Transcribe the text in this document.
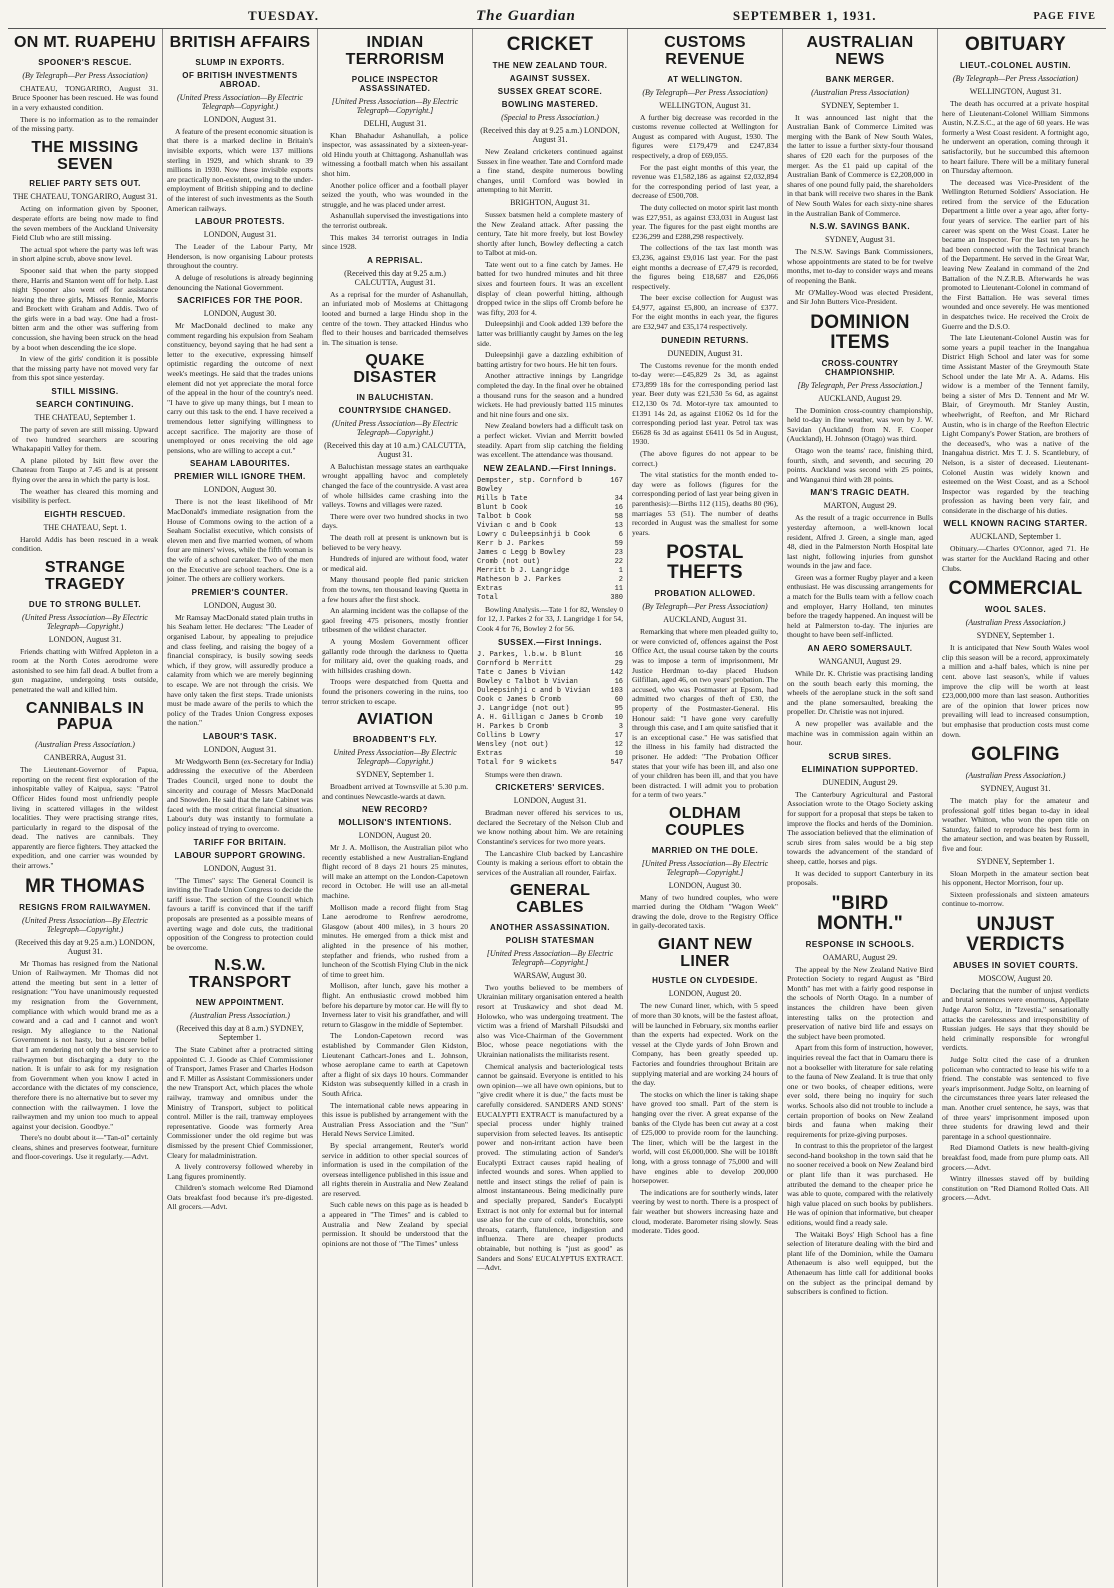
TUESDAY.	The Guardian	SEPTEMBER 1, 1931.	PAGE FIVE
ON MT. RUAPEHU
SPOONER'S RESCUE.
(By Telegraph—Per Press Association)

CHATEAU, TONGARIRO, August 31. Bruce Spooner has been rescued. He was found in a very exhausted condition.

There is no information as to the remainder of the missing party.

THE MISSING SEVEN
RELIEF PARTY SETS OUT.
THE CHATEAU, TONGARIRO, August 31.

Acting on information given by Spooner, desperate efforts are being now made to find the seven members of the Auckland University Field Club who are still missing.

The actual spot where the party was left was in short alpine scrub, above snow level.

Spooner said that when the party stopped there, Harris and Stanton went off for help. Last night Spooner also went off for assistance leaving the three girls, Misses Rennie, Morris and Brockett with Graham and Addis. Two of the girls were in a bad way. One had a frost-bitten arm and the other was suffering from concussion, she having been struck on the head by a boot when descending the ice slope.

In view of the girls' condition it is possible that the missing party have not moved very far from this spot since yesterday.

STILL MISSING.
SEARCH CONTINUING.
THE CHATEAU, September 1.

The party of seven are still missing. Upward of two hundred searchers are scouring Whakapapiti Valley for them.

A plane piloted by Isitt flew over the Chateau from Taupo at 7.45 and is at present flying over the area in which the party is lost.

The weather has cleared this morning and visibility is perfect.

EIGHTH RESCUED.
THE CHATEAU, Sept. 1.

Harold Addis has been rescued in a weak condition.

STRANGE TRAGEDY
DUE TO STRONG BULLET.
(United Press Association—By Electric Telegraph—Copyright.)
LONDON, August 31.

Friends chatting with Wilfred Appleton in a room at the North Cotes aerodrome were astonished to see him fall dead. A bullet from a gun magazine, undergoing tests outside, penetrated the wall and killed him.

CANNIBALS IN PAPUA
(Australian Press Association.)
CANBERRA, August 31.

The Lieutenant-Governor of Papua, reporting on the recent first exploration of the inhospitable valley of Kaipua, says: "Patrol Officer Hides found most unfriendly people living in scattered villages in the wildest localities. They were practising strange rites, particularly in regard to the disposal of the dead. The natives are cannibals. They apparently are fierce fighters. They attacked the expedition, and one carrier was wounded by their arrows."

MR THOMAS
RESIGNS FROM RAILWAYMEN.
(United Press Association—By Electric Telegraph—Copyright.)
(Received this day at 9.25 a.m.) LONDON, August 31.

Mr Thomas has resigned from the National Union of Railwaymen. Mr Thomas did not attend the meeting but sent in a letter of resignation: "You have unanimously requested my resignation from the Government, compliance with which would brand me as a coward and a cad and I cannot and won't resign. My allegiance to the National Government is not hasty, but a sincere belief that I am rendering not only the best service to railwaymen but discharging a duty to the nation. It is unfair to ask for my resignation from Government when you know I acted in accordance with the dictates of my conscience, therefore there is no alternative but to sever my connection with the railwaymen. I love the railwaymen and my union too much to appeal against your decision. Goodbye."

There's no doubt about it—"Tan-ol" certainly cleans, shines and preserves footwear, furniture and floor-coverings. Use it regularly.—Advt.

BRITISH AFFAIRS
SLUMP IN EXPORTS.
OF BRITISH INVESTMENTS ABROAD.
(United Press Association—By Electric Telegraph—Copyright.)
LONDON, August 31.

A feature of the present economic situation is that there is a marked decline in Britain's invisible exports, which were 137 millions sterling in 1929, and which shrank to 39 millions in 1930. Now these invisible exports are practically non-existent, owing to the under-employment of British shipping and to decline of the interest of such investments as the South American railways.

LABOUR PROTESTS.
LONDON, August 31.

The Leader of the Labour Party, Mr Henderson, is now organising Labour protests throughout the country.

A deluge of resolutions is already beginning denouncing the National Government.

SACRIFICES FOR THE POOR.
LONDON, August 30.

Mr MacDonald declined to make any comment regarding his expulsion from Seaham constituency, beyond saying that he had sent a letter to the executive, expressing himself optimistic regarding the outcome of next week's meetings. He said that the trades unions element did not yet appreciate the moral force of the appeal in the hour of the country's need. "I have to give up many things, but I mean to carry out this task to the end. I have received a tremendous letter signifying willingness to accept sacrifice. The majority are those of unemployed or ones receiving the old age pensions, who are willing to accept a cut."

SEAHAM LABOURITES.
PREMIER WILL IGNORE THEM.
LONDON, August 30.

There is not the least likelihood of Mr MacDonald's immediate resignation from the House of Commons owing to the action of a Seaham Socialist executive, which consists of eleven men and five married women, of whom four are miners' wives, while the fifth woman is the wife of a school caretaker. Two of the men on the Executive are school teachers. One is a joiner. The others are colliery workers.

PREMIER'S COUNTER.
LONDON, August 30.

Mr Ramsay MacDonald stated plain truths in his Seaham letter. He declares: "The Leader of organised Labour, by appealing to prejudice and class feeling, and raising the bogey of a financial conspiracy, is busily sowing seeds which, if they grow, will assuredly produce a calamity from which we are merely beginning to escape. We are not through the crisis. We have only taken the first steps. Trade unionists must be made aware of the perils to which the policy of the Trades Union Congress exposes the nation."

LABOUR'S TASK.
LONDON, August 31.

Mr Wedgworth Benn (ex-Secretary for India) addressing the executive of the Aberdeen Trades Council, urged none to doubt the sincerity and courage of Messrs MacDonald and Snowden. He said that the late Cabinet was faced with the most critical financial situation. Labour's duty was instantly to formulate a policy instead of trying to overcome.

TARIFF FOR BRITAIN.
LABOUR SUPPORT GROWING.
LONDON, August 31.

"The Times" says: The General Council is inviting the Trade Union Congress to decide the tariff issue. The section of the Council which favours a tariff is convinced that if the tariff proposals are presented as a possible means of averting wage and dole cuts, the traditional opposition of the Congress to protection could be overcome.

N.S.W. TRANSPORT
NEW APPOINTMENT.
(Australian Press Association.)
(Received this day at 8 a.m.) SYDNEY, September 1.

The State Cabinet after a protracted sitting appointed C. J. Goode as Chief Commissioner of Transport, James Fraser and Charles Hodson and F. Miller as Assistant Commissioners under the new Transport Act, which places the whole railway, tramway and omnibus under the Ministry of Transport, subject to political control. Miller is the rail, tramway employees representative. Goode was formerly Area Commissioner under the old regime but was dismissed by the present Chief Commissioner, Cleary for maladministration.

A lively controversy followed whereby in Lang figures prominently.

Children's stomach welcome Red Diamond Oats breakfast food because it's pre-digested. All grocers.—Advt.

INDIAN TERRORISM
POLICE INSPECTOR ASSASSINATED.
[United Press Association—By Electric Telegraph—Copyright.]
DELHI, August 31.

Khan Bhahadur Ashanullah, a police inspector, was assassinated by a sixteen-year-old Hindu youth at Chittagong. Ashanullah was witnessing a football match when his assailant shot him.

Another police officer and a football player seized the youth, who was wounded in the struggle, and he was placed under arrest.

Ashanullah supervised the investigations into the terrorist outbreak.

This makes 34 terrorist outrages in India since 1928.

A REPRISAL.
(Received this day at 9.25 a.m.) CALCUTTA, August 31.

As a reprisal for the murder of Ashanullah, an infuriated mob of Moslems at Chittagong looted and burned a large Hindu shop in the centre of the town. They attacked Hindus who fled to their houses and barricaded themselves in. The situation is tense.

QUAKE DISASTER
IN BALUCHISTAN.
COUNTRYSIDE CHANGED.
(United Press Association—By Electric Telegraph—Copyright.)
(Received this day at 10 a.m.) CALCUTTA, August 31.

A Baluchistan message states an earthquake wrought appalling havoc and completely changed the face of the countryside. A vast area of whole hillsides came crashing into the valleys. Towns and villages were razed.

There were over two hundred shocks in two days.

The death roll at present is unknown but is believed to be very heavy.

Hundreds of injured are without food, water or medical aid.

Many thousand people fled panic stricken from the towns, ten thousand leaving Quetta in a few hours after the first shock.

An alarming incident was the collapse of the gaol freeing 475 prisoners, mostly frontier tribesmen of the wildest character.

A young Moslem Government officer gallantly rode through the darkness to Quetta for military aid, over the quaking roads, and with hillsides crashing down.

Troops were despatched from Quetta and found the prisoners cowering in the ruins, too terror stricken to escape.

AVIATION
BROADBENT'S FLY.
United Press Association—By Electric Telegraph—Copyright.)
SYDNEY, September 1.

Broadbent arrived at Townsville at 5.30 p.m. and continues Newcastle-wards at dawn.

NEW RECORD?
MOLLISON'S INTENTIONS.
LONDON, August 20.

Mr J. A. Mollison, the Australian pilot who recently established a new Australian-England flight record of 8 days 21 hours 25 minutes, will make an attempt on the London-Capetown record in October. He will use an all-metal machine.

Mollison made a record flight from Stag Lane aerodrome to Renfrew aerodrome, Glasgow (about 400 miles), in 3 hours 20 minutes. He emerged from a thick mist and alighted in the presence of his mother, stepfather and friends, who rushed from a luncheon of the Scottish Flying Club in the nick of time to greet him.

Mollison, after lunch, gave his mother a flight. An enthusiastic crowd mobbed him before his departure by motor car. He will fly to Inverness later to visit his grandfather, and will return to Glasgow in the middle of September.

The London-Capetown record was established by Commander Glen Kidston, Lieutenant Cathcart-Jones and L. Johnson, whose aeroplane came to earth at Capetown after a flight of six days 10 hours. Commander Kidston was subsequently killed in a crash in South Africa.

The international cable news appearing in this issue is published by arrangement with the Australian Press Association and the "Sun" Herald News Service Limited.

By special arrangement, Reuter's world service in addition to other special sources of information is used in the compilation of the overseas intelligence published in this issue and all rights therein in Australia and New Zealand are reserved.

Such cable news on this page as is headed b a appeared in "The Times" and is cabled to Australia and New Zealand by special permission. It should be understood that the opinions are not those of "The Times" unless

CRICKET
THE NEW ZEALAND TOUR.
AGAINST SUSSEX.
SUSSEX GREAT SCORE.
BOWLING MASTERED.
(Special to Press Association.)
(Received this day at 9.25 a.m.) LONDON, August 31.

New Zealand cricketers continued against Sussex in fine weather. Tate and Cornford made a fine stand, despite numerous bowling changes, until Cornford was bowled in attempting to hit Merritt.

BRIGHTON, August 31.

Sussex batsmen held a complete mastery of the New Zealand attack. After passing the century, Tate hit more freely, but lost Bowley shortly after lunch, Bowley deflecting a catch to Talbot at mid-on.

Tate went out to a fine catch by James. He batted for two hundred minutes and hit three sixes and fourteen fours. It was an excellent display of clean powerful hitting, although dropped twice in the slips off Cromb before he was fifty, 203 for 4.

Duleepsinhji and Cook added 139 before the latter was brilliantly caught by James on the leg side.

Duleepsinhji gave a dazzling exhibition of batting artistry for two hours. He hit ten fours.

Another attractive innings by Langridge completed the day. In the final over he obtained a thousand runs for the season and a hundred wickets. He had previously batted 115 minutes and hit nine fours and one six.

New Zealand bowlers had a difficult task on a perfect wicket. Vivian and Merritt bowled steadily. Apart from slip catching the fielding was excellent. The attendance was thousand.

NEW ZEALAND.—First Innings.
Dempster, stp. Cornford b Bowley
167
Mills b Tate	34
Blunt b Cook	16
Talbot b Cook	58
Vivian c and b Cook	13
Lowry c Duleepsinhji b Cook	6
Kerr b J. Parkes	59
James c Legg b Bowley	23
Cromb (not out)	22
Merritt b J. Langridge	1
Matheson b J. Parkes	2
Extras	11
Total	380

Bowling Analysis.—Tate 1 for 82, Wensley 0 for 12, J. Parkes 2 for 33, J. Langridge 1 for 54, Cook 4 for 76, Bowley 2 for 56.

SUSSEX.—First Innings.
J. Parkes, l.b.w. b Blunt	16
Cornford b Merritt	29
Tate c James b Vivian	142
Bowley c Talbot b Vivian	16
Duleepsinhji c and b Vivian	103
Cook c James b Cromb	60
J. Langridge (not out)	95
A. H. Gilligan c James b Cromb 10
H. Parkes b Cromb	3
Collins b Lowry	17
Wensley (not out)	12
Extras	10
Total for 9 wickets	547

Stumps were then drawn.

CRICKETERS' SERVICES.
LONDON, August 31.

Bradman never offered his services to us, declared the Secretary of the Nelson Club and we know nothing about him. We are retaining Constantine's services for two more years.

The Lancashire Club backed by Lancashire County is making a serious effort to obtain the services of the Australian all rounder, Fairfax.

GENERAL CABLES
ANOTHER ASSASSINATION.
POLISH STATESMAN
[United Press Association—By Electric Telegraph—Copyright.]
WARSAW, August 30.

Two youths believed to be members of Ukrainian military organisation entered a health resort at Truskawicy and shot dead M. Holowko, who was undergoing treatment. The victim was a friend of Marshall Pilsudski and also was Vice-Chairman of the Government Bloc, whose peace negotiations with the Ukrainian nationalists the militarists resent.

Chemical analysis and bacteriological tests cannot be gainsaid. Everyone is entitled to his own opinion—we all have own opinions, but to "give credit where it is due," the facts must be carefully considered. SANDERS AND SONS' EUCALYPTI EXTRACT is manufactured by a special process under highly trained supervision from selected leaves. Its antiseptic power and non-irritant action have been proved. The stimulating action of Sander's Eucalypti Extract causes rapid healing of infected wounds and sores. When applied to nettle and insect stings the relief of pain is almost instantaneous. Being medicinally pure and specially prepared, Sander's Eucalypti Extract is not only for external but for internal use also for the cure of colds, bronchitis, sore throats, catarrh, flatulence, indigestion and influenza. There are cheaper products obtainable, but nothing is "just as good" as Sanders and Sons' EUCALYPTUS EXTRACT.—Advt.

CUSTOMS REVENUE
AT WELLINGTON.
(By Telegraph—Per Press Association)
WELLINGTON, August 31.

A further big decrease was recorded in the customs revenue collected at Wellington for August as compared with August, 1930. The figures were £179,479 and £247,834 respectively, a drop of £69,055.

For the past eight months of this year, the revenue was £1,582,186 as against £2,032,894 for the corresponding period of last year, a decrease of £500,708.

The duty collected on motor spirit last month was £27,951, as against £33,031 in August last year. The figures for the past eight months are £236,299 and £288,298 respectively.

The collections of the tax last month was £3,236, against £9,016 last year. For the past eight months a decrease of £7,479 is recorded, the figures being £18,687 and £26,066 respectively.

The beer excise collection for August was £4,977, against £5,800, an increase of £377. For the eight months in each year, the figures are £32,947 and £35,174 respectively.

DUNEDIN RETURNS.
DUNEDIN, August 31.

The Customs revenue for the month ended to-day were:—£45,829 2s 3d, as against £73,899 18s for the corresponding period last year. Beer duty was £21,530 5s 6d, as against £12,130 0s 7d. Motor-tyre tax amounted to £1391 14s 2d, as against £1062 0s 1d for the corresponding period last year. Petrol tax was £6628 6s 3d as against £6411 0s 5d in August, 1930.

(The above figures do not appear to be correct.)

The vital statistics for the month ended to-day were as follows (figures for the corresponding period of last year being given in parenthesis):—Births 112 (115), deaths 80 (96), marriages 53 (51). The number of deaths recorded in August was the smallest for some years.

POSTAL THEFTS
PROBATION ALLOWED.
(By Telegraph—Per Press Association)
AUCKLAND, August 31.

Remarking that where men pleaded guilty to, or were convicted of, offences against the Post Office Act, the usual course taken by the courts was to impose a term of imprisonment, Mr Justice Herdman to-day placed Hudson Gilfillan, aged 46, on two years' probation. The accused, who was Postmaster at Epsom, had admitted two charges of theft of £30, the property of the Postmaster-General. His Honour said: "I have gone very carefully through this case, and I am quite satisfied that it is an exceptional case." He was satisfied that the illness in his family had distracted the prisoner. He added: "The Probation Officer states that your wife has been ill, and also one of your children has been ill, and that you have been distracted. I will admit you to probation for a term of two years."

OLDHAM COUPLES
MARRIED ON THE DOLE.
[United Press Association—By Electric Telegraph—Copyright.]
LONDON, August 30.

Many of two hundred couples, who were married during the Oldham "Wagon Week" drawing the dole, drove to the Registry Office in gaily-decorated taxis.

GIANT NEW LINER
HUSTLE ON CLYDESIDE.
LONDON, August 20.

The new Cunard liner, which, with 5 speed of more than 30 knots, will be the fastest afloat, will be launched in February, six months earlier than the experts had expected. Work on the vessel at the Clyde yards of John Brown and Company, has been greatly speeded up. Factories and foundries throughout Britain are supplying material and are working 24 hours of the day.

The stocks on which the liner is taking shape have groved too small. Part of the stern is hanging over the river. A great expanse of the banks of the Clyde has been cut away at a cost of £25,000 to provide room for the launching. The liner, which will be the largest in the world, will cost £6,000,000. She will be 1018ft long, with a gross tonnage of 75,000 and will have engines able to develop 200,000 horsepower.

The indications are for southerly winds, later veering by west to north. There is a prospect of fair weather but showers increasing haze and cloud, moderate. Barometer rising slowly. Seas moderate. Tides good.

AUSTRALIAN NEWS
BANK MERGER.
(Australian Press Association)
SYDNEY, September 1.

It was announced last night that the Australian Bank of Commerce Limited was merging with the Bank of New South Wales, the latter to issue a further sixty-four thousand shares of £20 each for the purposes of the merger. As the £1 paid up capital of the Australian Bank of Commerce is £2,208,000 in shares of one pound fully paid, the shareholders in that bank will receive two shares in the Bank of New South Wales for each sixty-nine shares in the Australian Bank of Commerce.

N.S.W. SAVINGS BANK.
SYDNEY, August 31.

The N.S.W. Savings Bank Commissioners, whose appointments are stated to be for twelve months, met to-day to consider ways and means of reopening the Bank.

Mr O'Malley-Wood was elected President, and Sir John Butters Vice-President.

DOMINION ITEMS
CROSS-COUNTRY CHAMPIONSHIP.
[By Telegraph, Per Press Association.]
AUCKLAND, August 29.

The Dominion cross-country championship, held to-day in fine weather, was won by J. W. Savidan (Auckland) from N. F. Cooper (Auckland), H. Johnson (Otago) was third.

Otago won the teams' race, finishing third, fourth, sixth, and seventh, and securing 20 points. Auckland was second with 25 points, and Wanganui third with 28 points.

MAN'S TRAGIC DEATH.
MARTON, August 29.

As the result of a tragic occurrence in Bulls yesterday afternoon, a well-known local resident, Alfred J. Green, a single man, aged 48, died in the Palmerston North Hospital late last night, following injuries from gunshot wounds in the jaw and face.

Green was a former Rugby player and a keen enthusiast. He was discussing arrangements for a match for the Bulls team with a fellow coach and employer, Harry Holland, ten minutes before the tragedy happened. An inquest will be held at Palmerston to-day. The injuries are thought to have been self-inflicted.

AN AERO SOMERSAULT.
WANGANUI, August 29.

While Dr. K. Christie was practising landing on the south beach early this morning, the wheels of the aeroplane stuck in the soft sand and the plane somersaulted, breaking the propeller. Dr. Christie was not injured.

A new propeller was available and the machine was in commission again within an hour.

SCRUB SIRES.
ELIMINATION SUPPORTED.
DUNEDIN, August 29.

The Canterbury Agricultural and Pastoral Association wrote to the Otago Society asking for support for a proposal that steps be taken to improve the flocks and herds of the Dominion. The association believed that the elimination of scrub sires from sales would be a big step towards the advancement of the standard of sheep, cattle, horses and pigs.

It was decided to support Canterbury in its proposals.

"BIRD MONTH."
RESPONSE IN SCHOOLS.
OAMARU, August 29.

The appeal by the New Zealand Native Bird Protection Society to regard August as "Bird Month" has met with a fairly good response in the schools of North Otago. In a number of instances the children have been given interesting talks on the protection and preservation of native bird life and essays on the subject have been promoted.

Apart from this form of instruction, however, inquiries reveal the fact that in Oamaru there is not a bookseller with literature for sale relating to the fauna of New Zealand. It is true that only one or two books, of cheaper editions, were ever sold, there being no inquiry for such works. Schools also did not trouble to include a certain proportion of books on New Zealand birds and fauna when making their requirements for prize-giving purposes.

In contrast to this the proprietor of the largest second-hand bookshop in the town said that he no sooner received a book on New Zealand bird or plant life than it was purchased. He attributed the demand to the cheaper price he was able to quote, compared with the relatively high value placed on such books by publishers. He was of opinion that informative, but cheaper editions, would find a ready sale.

The Waitaki Boys' High School has a fine selection of literature dealing with the bird and plant life of the Dominion, while the Oamaru Athenaeum is also well equipped, but the Athenaeum has little call for additional books on the subject as the principal demand by subscribers is confined to fiction.

OBITUARY
LIEUT.-COLONEL AUSTIN.
(By Telegraph—Per Press Association)
WELLINGTON, August 31.

The death has occurred at a private hospital here of Lieutenant-Colonel William Simmons Austin, N.Z.S.C., at the age of 60 years. He was formerly a West Coast resident. A fortnight ago, he underwent an operation, coming through it satisfactorily, but he succumbed this afternoon to heart failure. There will be a military funeral on Thursday afternoon.

The deceased was Vice-President of the Wellington Returned Soldiers' Association. He retired from the service of the Education Department a little over a year ago, after forty-four years of service. The earlier part of his career was spent on the West Coast. Later he became an Inspector. For the last ten years he had been connected with the Technical branch of the Department. He served in the Great War, leaving New Zealand in command of the 2nd Battalion of the N.Z.R.B. Afterwards he was promoted to Lieutenant-Colonel in command of the First Battalion. He was several times wounded and once severely. He was mentioned in despatches twice. He received the Croix de Guerre and the D.S.O.

The late Lieutenant-Colonel Austin was for some years a pupil teacher in the Inangahua District High School and later was for some time Assistant Master of the Greymouth State School under the late Mr A. A. Adams. His widow is a member of the Tennent family, being a sister of Mrs D. Tennent and Mr W. Blair, of Greymouth. Mr Stanley Austin, wheelwright, of Reefton, and Mr Richard Austin, who is in charge of the Reefton Electric Light Company's Power Station, are brothers of the deceased's, who was a native of the Inangahua district. Mrs T. J. S. Scantlebury, of Nelson, is a sister of deceased. Lieutenant-Colonel Austin was widely known and esteemed on the West Coast, and as a School Inspector was regarded by the teaching profession as having been very fair, and considerate in the discharge of his duties.

WELL KNOWN RACING STARTER.
AUCKLAND, September 1.

Obituary.—Charles O'Connor, aged 71. He was starter for the Auckland Racing and other Clubs.

COMMERCIAL
WOOL SALES.
(Australian Press Association.)
SYDNEY, September 1.

It is anticipated that New South Wales wool clip this season will be a record, approximately a million and a-half bales, which is nine per cent. above last season's, while if values improve the clip will be worth at least £23,000,000 more than last season. Authorities are of the opinion that lower prices now prevailing will lead to increased consumption, but emphasise that production costs must come down.

GOLFING
(Australian Press Association.)
SYDNEY, August 31.

The match play for the amateur and professional golf titles began to-day in ideal weather. Whitton, who won the open title on Saturday, failed to reproduce his best form in the amateur section, and was beaten by Russell, five and four.

SYDNEY, September 1.

Sloan Morpeth in the amateur section beat his opponent, Hector Morrison, four up.

Sixteen professionals and sixteen amateurs continue to-morrow.

UNJUST VERDICTS
ABUSES IN SOVIET COURTS.
MOSCOW, August 20.

Declaring that the number of unjust verdicts and brutal sentences were enormous, Appellate Judge Aaron Soltz, in "Izvestia," sensationally attacks the carelessness and irresponsibility of Russian judges. He says that they should be held criminally responsible for wrongful verdicts.

Judge Soltz cited the case of a drunken policeman who contracted to lease his wife to a friend. The constable was sentenced to five year's imprisonment. Judge Soltz, on learning of the circumstances three years later released the man. Another cruel sentence, he says, was that of three years' imprisonment imposed upon three students for drawing lewd and their parentage in a school questionnaire.

Red Diamond Oatlets is new health-giving breakfast food, made from pure plump oats. All grocers.—Advt.

Wintry illnesses staved off by building constitution on "Red Diamond Rolled Oats. All grocers.—Advt.
